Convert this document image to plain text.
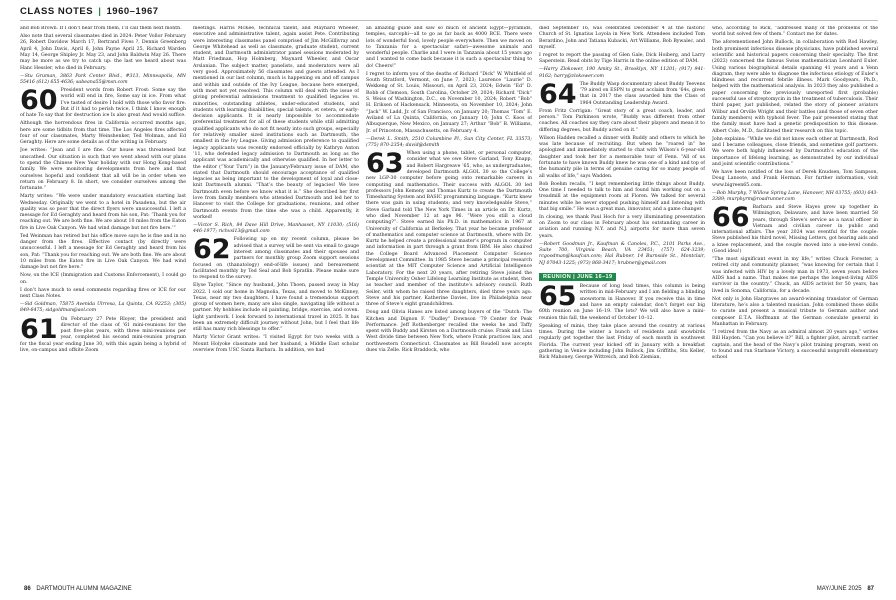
CLASS NOTES | 1960–1967

and Bob Brown. If I don’t hear from them, I’ll call them next month.

Also note that several classmates died in 2024: Peter Vollor February 26, Robert Davidow March 17, Bertrand Fives ?, Dennis Greenberg April 4, John Davis, April 6, John Payne April 25, Richard Warden May 14, George Shipley Jr. May 23, and John Baldwin May 26. There may be more as we try to catch up: the last we heard about was Hanc Hessler, who died in February.

—Stu Gruman, 3863 Park Center Blvd., #313, Minneapolis, MN 55416 (612) 655-4636; sabeana55@msn.com

60 President words from Robert Frost: Some say the world will end in fire, Some say in ice. From what I’ve tasted of desire I hold with those who favor fire. But if it had to perish twice, I think I know enough of hate To say that for destruction ice Is also great And would suffice.

Although the horrendous fires in California occurred months ago, here are some tidbits from that time. The Los Angeles fires affected four of our classmates, Marty Weinshenker, Ted Wolman, and Ed Geraghty. Here are some details as of the writing in February.

Joe writes: “Jean and I are fine. Our house was threatened but unscathed. Our situation is such that we went ahead with our plans to spend the Chinese New Year holiday with our Hong Kong-based family. We were monitoring developments from here and that ourselves hopeful and confident that all will be in order when we return on February 8. In short, we consider ourselves among the fortunate.”

Marty writes: “We were under mandatory evacuation starting last Wednesday. Originally we went to a hotel in Pasadena, but the air quality was so poor that the direct flyers were unsuccessful. I left a message for Ed Geraghty and heard from his son, Pat: ‘Thank you for reaching out. We are both fine. We are about 10 miles from the Eaton fire in Live Oak Canyon. We had wind damage but not fire here.’”

Ted Weinman has retired but his office move says he is fine and in no danger from the fires. Effective contact (by directly were unsuccessful. I left a message for Ed Geraghty and heard from his son, Pat: “Thank you for reaching out. We are both fine. We are about 10 miles from the Eaton fire in Live Oak Canyon. We had wind damage but not fire here.”

Now, on the ICE (Immigration and Customs Enforcement), I could go on.

I don’t have much to send comments regarding fires or ICE for our next Class Notes.

—Sid Goldman, 75875 Avenida Ulrresa, La Quinta, CA 92253; (305) 849-6475; sidgoldman@aol.com

61 On February 27 Pete Rloyer, the president and director of the class of ’61 mini-reunions for the past five-plus years, with three mini-reunions per year, completed his second mini-reunion program for the fiscal year ending June 30, with this again being a hybrid of live, on-campus and offsite Zoom

meetings. Harris McKee, technical talent, and Maynard Wheeler, executive and administrative talent, again assist Pete. Contributing were interesting classmates panel comprised of Jim McGillivray and George Whitehead as well as classmate, graduate student, current student, and Dartmouth administrator panel sessions moderated by Matt Friedman, Hop Holmberg, Maynard Wheeler, and Oscar Arslanian. The subject matter, panelists, and moderators were all very good. Approximately 56 classmates and guests attended. As I mentioned in our last column, much is happening on and off campus and within and outside of the Ivy League, because here emerged, with most not yet resolved. This column will deal with the issue of giving preferential admissions treatment to qualified legacies vs. minorities, outstanding athletes, under-educated students, and students with learning disabilities, special talents, et cetera, or early-decision applicants. It is nearly impossible to accommodate preferential treatment for all of these students while still admitting qualified applicants who do not fit neatly into such groups, especially for relatively smaller sized institutions such as Dartmouth, the smallest in the Ivy League. Giving admission preference to qualified legacy applicants was recently endorsed officially by Kathryn Anton ’11, who defended legacy admission to Dartmouth as long as the applicant was academically and otherwise qualified. In her letter to the editor (“Your Turn”) in the January/February issue of DAM, she stated that Dartmouth should encourage acceptance of qualified legacies as being important to the development of loyal and close-knit Dartmouth alumni. “That’s the beauty of legacies! We love Dartmouth even before we know what it is.” She described her first love from family members who attended Dartmouth and led her to Hanover to visit the College for graduations, reunions, and other Dartmouth events from the time she was a child. Apparently, it worked!

—Victor S. Rich, 84 Dave Hill Drive, Manhasset, NY 11030; (516) 446-1977; richvsl13@gmail.com

62 Following up on my recent column, please be advised that a survey will be sent via email to gauge interest among classmates and their spouses and partners for monthly group Zoom support sessions focused on (thanatology) end-of-life issues) and bereavement facilitated monthly by Ted Seal and Bob Spratlin. Please make sure to respond to the survey.

Elyse Taylor, “Since my husband, John Thoen, passed away in May 2022. I sold our home in Magnolia, Texas, and moved to McKinney, Texas, near my two daughters. I have found a tremendous support group of women here, many are also single, navigating life without a partner. My hobbies include oil painting, bridge, exercise, and coven. light yardwork. I look forward to international travel in 2025. It has been an extremely difficult journey without John, but I feel that life still has many rich blessings to offer.”

Marty Victor Grant writes: “I visited Egypt for two weeks with a Mount Holyoke classmate and her husband, a Middle East scholar overview from USC Santa Barbara. In addition, we had

an amazing guide and saw so much of ancient Egypt—pyramids, temples, sarcophi—all to go as far back as 4000 BCE. There were lots of wonderful food, lovely people everywhere. Then we moved on to Tanzania for a spectacular safari—awesome animals and wonderful people. Charlie and I were in Tanzania about 15 years ago and I wanted to come back because it is such a spectacular thing to do! Cheers!”

I regret to inform you of the deaths of Richard “Dick” W. Whitfield of South Stratford, Vermont, on June 7, 2023; Laurence “Laurie” D. Wekkeng of St. Louis, Missouri, on April 23, 2024; Edwin “Ed” D. Robb of Clemson, South Carolina, October 29, 2024; Richard “Dick” S. Weiss of Washington, D.C., on November 10, 2024; Robert “Bob” H. Eriksen of Hackensack, Minnesota, on November 10, 2024; John “Jack” W. Ladd, Jr. of San Francisco, on January 20; Thomas “Tom” E. Aviland of La Quinta, California, on January 10; John C. Koos of Albuquerque, New Mexico, on January 27; Arthur “Bob” B. Williams, Jr. of Princeton, Massachusetts, on February 4.

—Derek L. Smith, 2510 Columbine Pl., Sun City Center, FL 33573; (775) 870-2354; david@dsmith

63 When using a phone, tablet, or personal computer, consider what we owe Steve Garland, Tony Knapp, and Robert Hargreave ’65, who, as undergraduates, developed Dartmouth ALGOL 30 so the College’s new LGP-30 computer before going onto remarkable careers in computing and mathematics. Their success with ALGOL 30 led professors John Kemeny and Thomas Kurtz to create the Dartmouth Timesharing System and BASIC programming language. “Kurtz knew there was gain in using students; and very knowledgeable Steve,” Steve Garland told The New York Times in an article on Dr. Kurtz, who died November 12 at age 96. “Were you still a cloud computing?”. Steve earned his Ph.D. in mathematics in 1967 at University of California at Berkeley. That year he became professor of mathematics and computer science at Dartmouth, where with Dr. Kurtz he helped create a professional master’s program in computer and information in part through a grant from IBM. He also chaired the College Board Advanced Placement Computer Science Development Committee. In 1985 Steve became a principal research scientist at the MIT Computer Science and Artificial Intelligence Laboratory. For the next 20 years, after retiring Steve joined the Temple University Osher Lifelong Learning Institute as student, then as teacher and member of the institute’s advisory council. Ruth Seiler, with whom he raised three daughters, died three years ago. Steve and his partner, Katherine Davies, live in Philadelphia near three of Steve’s eight grandchildren.

Doug and Olivia Hanes are listed among buyers of the “Dutch: The Kitchen and Dignon F. “Dudley” Downson ’79 Center for Peak Performance. Jeff Rothenberger recalled the weeks he and Taffy spent with Buddy and Kirsten on a Dartmouth cruise. Frank and Lisa West divide time between New York, where Frank practices law, and northwestern Connecticut. Classmates as Bill Roudell now accepts dues via Zelle. Rick Braddock, who

died September 16, was celebrated December 4 at the historic Church of St. Ignatius Loyola in New York. Attendees included Tom Berardino, John and Tatiana Kubacki, Art Williams, Bob Bywalec, and myself.

I regret to report the passing of Glen Gale, Dick Hoiberg, and Larry Saperstein. Read obits by Tige Harris in the online edition of DAM.

—Harry Zlokower, 190 Amity St., Brooklyn, NY 11201; (917) 941-9162; harry@zlokower.com

64 The Buddy Wasp documentary about Buddy Teevens ’79 aired on ESPN to great acclaim from ’64s, given that in 2017 the class awarded him the Class of 1964 Outstanding Leadership Award.

From Fritz Corrigan: “Great story of a great coach, leader, and person.” Tom Parkinson wrote, “Buddy was different from other coaches. All coaches say they care about their players and mean it to differing degrees, but Buddy acted on it.”

Wilson Hadden recalled a dinner with Buddy and others to which he was late because of recruiting. But when he “roared in” he apologized and immediately started to chat with Wilson’s 6-year-old daughter and took her for a memorable tour of Fenn. “All of us fortunate to have known Buddy knew he was one of a kind and top of the humanity pile in terms of genuine caring for so many people of all walks of life,” says Wadden.

Bob Boehm recalls, “I kept remembering little things about Buddy. One time I needed to talk to him and found him working out on a treadmill at the equipment room at Floren. We talked for several minutes while he never stopped pushing himself and listening with that big smile.” He was a great man, innovator, and a game changer.

In closing, we thank Paul Hoch for a very illuminating presentation on Zoom to our class in February about his outstanding career in aviation and running N.Y. and N.J. airports for more than seven years.

—Robert Goodman Jr., Kaufman & Canoles, P.C., 2101 Parks Ave., Suite 700, Virginia Beach, VA 23451; (757) 624-3239; rcgoodman@kaufcan.com; Hal Rubner, 14 Burnside St., Montclair, NJ 07043-1225; (973) 868-3417; hrubner@gmail.com

REUNION | JUNE 16–19

65 Because of long lead times, this column is being written in mid-February and I am fielding a blinding snowstorm in Hanover. If you receive this in time and have an empty calendar, don’t forget our big 60th reunion on June 16–19. The lots? We will also have a mini-reunion this fall, the weekend of October 10–12.

Speaking of minis, they take place around the country at various times. During the winter a bunch of residents and snowbirds regularly get together the last Friday of each month in southwest Florida. The current year kicked off in January with a breakfast gathering in Venice including John Bullock, Jim Griffiths, Stu Keller, Rick Mahoney, George Wittreich, and Bob Ziemian,

who, according to Rick, “addressed many of the problems of the world but solved few of them.” Contact me for dates.

The aforementioned John Bullock, in collaboration with Rod Hawley, both prominent infectious disease physicians, have published several scientific and historical papers concerning their specialty. The first (2022) concerned the famous Swiss mathematician Leonhard Euler. Using various biographical details spanning 41 years and a Venn diagram, they were able to diagnose the infectious etiology of Euler’s blindness and recurrent febrile illness. Mark Goodyears, Ph.D., helped with the mathematical analysis. In 2023 they also published a paper concerning the previously unreported first (probable) successful use of streptomycin in the treatment of tuberculosis. Their third paper, just published, related the story of pioneer aviators Wilbur and Orville Wright and their battles (and those of seven other family members) with typhoid fever. The pair presented stating that the family must have had a genetic predisposition to this disease. Albert Cole, M.D., facilitated their research on this topic.

John explains: “While we did not know each other at Dartmouth, Rod and I became colleagues, close friends, and sometime golf partners. We were both highly influenced by Dartmouth’s education of the importance of lifelong learning, as demonstrated by our individual and joint scientific contributions.”

We have been notified of the loss of Derek Knudsen, Tom Sampson, Doug Lanoote, and Frank Herman. For further information, visit www.bigreen65.com.

—Bob Murphy, 7 Willow Spring Lane, Hanover, NH 03755; (603) 643-3389; murphyrm@roadrunner.com

66 Barbara and Steve Hayes grew up together in Wilmington, Delaware, and have been married 58 years, through Steve’s service as a naval officer in Vietnam and civilian career in public and international affairs. The year 2024 was eventful for the couple: Steve published his third novel, Missing Letters, got hearing aids and a knee replacement, and the couple moved into a one-level condo. (Good idea!)

“The most significant event in my life,” writes Chuck Forester, a retired city and community planner, “was knowing for certain that I was infected with HIV by a lovely man in 1973, seven years before AIDS had a name. That makes me perhaps the longest-living AIDS survivor in the country.” Chuck, an AIDS activist for 50 years, has lived in Sonoma, California, for a decade.

Not only is John Hargraves an award-winning translator of German literature, he’s also a talented musician. John combined those skills to curate and present a musical tribute to German author and composer E.T.A. Hoffmann at the German consulate general in Manhattan in February.

“I retired from the Navy as an admiral almost 20 years ago,” writes Bill Hayden. “Can you believe it?” Bill, a fighter pilot, aircraft carrier captain, and the head of the Navy’s pilot training program, went on to found and run Starbase Victory, a successful nonprofit elementary school

86 DARTMOUTH ALUMNI MAGAZINE	MAY/JUNE 2025 87
